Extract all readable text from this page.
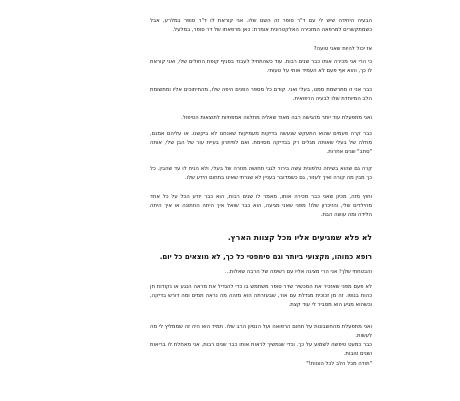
הבעיה היחידה שיש לי עם ד"ר סופר זה השם שלו. אני קוראת לו ד"ר סופר במלרע, אבל כשמתקשרים למרפאה המזכירה האלקטרונית אומרת: כאן מרפאתו של דר סופר, במלעל.

אז יכול להיות שאני טועה?

כי הרי אני מכירה אותו כבר שנים רבות. עוד כשהתחיל לעבוד בסניף קופת החולים שלי, ואני קוראת לו כך, והוא אף פעם לא העמיד אותי על טעותי.

כבר אני זו מתרשמת ממנו, בעלי ואני. קודם כל מספר הפנים היפה שלו, מהחיתוכים אליו ומתשומת הלב המיוחדת שלו לבעיה הרפואית.

ואני מתפעלת עוד יותר מהגישה רבה מאוד שאליה מתלווה אמפתיות לתוצאות הטיפול.

כבר קרה פעמים שהוא התעקש שנעשה בדיקות מעמיקות שאנחנו לא ביקשנו. או עליהם אמנם, מחלה של בעלי שאותה מגלים רק בבדיקה מסוימת. ואם לפיתרון בעיית עור של הבן שלי, אותה "סחב" שנים אחרות.

קרה גם שהוא בשיחה טלפונית עשה בירור לגבי תחושה מוזרה של בעלי, ולא הניח לו עד שהבין. כל כך מבין מה קורה ואיך לעזור, גם כשמדובר בעניין לא שגרתי שאינו בתחום הידע שלו.

וחוץ מזה, מכיון שאני כבר מכירה אותו, מאמר לו שנים רבות, הוא כבר יודע הכל על כל אחד מהילדים שלי, והזיכרון שלו! מפני שאני מגיעה, הוא כבר שואל איך היתה החתונה או איך היתה הלידה ומה עושה הבת.

לא פלא שמגיעים אליו מכל קצוות הארץ.

רופא כמוהו, מקצועי ביותר וגם סימפטי כל כך, לא מוצאים כל יום.

והבטחתי שלך! אני הרי מציגה אליו עם רשימה של הרבה שאלות...

לא פעם מפני שאזכיר את המכשיר שדר סופר משתמש בו כדי להגדיל את מראה הנגע או נקודות חן כהות בגופו. זה מן זכוכית מגדלת עם אור, שבעזרתה הוא מזהה מה נראה תמים ומה דורש בדיקה, וכשהוא מגיע הוא מסביר לי עוד קצת.

ואני מתפעלת מהחשבונות על תחום הרפואה ועל הנסיון הרב שלו. תמיד הוא היה זה שממליץ לי מה לעשות.

כבר כמעט טיפשה לשמוע על כך. וכדי שנמשיך לראות אותו כבר שנים רבות, אני מאחלת לו בריאות ושנים טובות.

"תודה מכל הלב לכל הצוות!"
